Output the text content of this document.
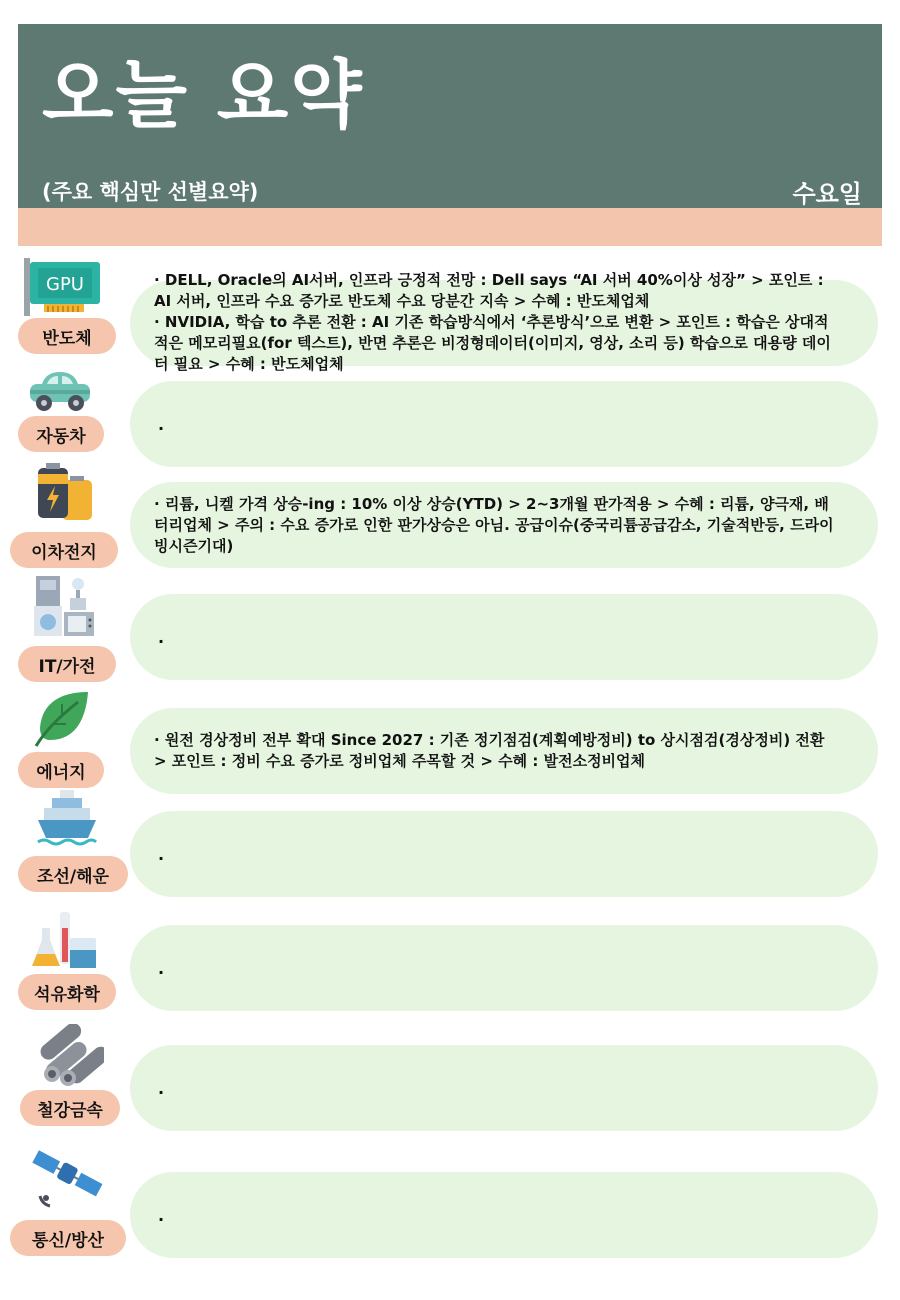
오늘 요약
(주요 핵심만 선별요약)	수요일
GPU
반도체
· DELL, Oracle의 AI서버, 인프라 긍정적 전망 : Dell says “AI 서버 40%이상 성장” > 포인트 : AI 서버, 인프라 수요 증가로 반도체 수요 당분간 지속 > 수혜 : 반도체업체
· NVIDIA, 학습 to 추론 전환 : AI 기존 학습방식에서 ‘추론방식’으로 변환 > 포인트 : 학습은 상대적 적은 메모리필요(for 텍스트), 반면 추론은 비정형데이터(이미지, 영상, 소리 등) 학습으로 대용량 데이터 필요 > 수혜 : 반도체업체
자동차
.
이차전지
· 리튬, 니켈 가격 상승-ing : 10% 이상 상승(YTD) > 2~3개월 판가적용 > 수혜 : 리튬, 양극재, 배터리업체 > 주의 : 수요 증가로 인한 판가상승은 아님. 공급이슈(중국리튬공급감소, 기술적반등, 드라이빙시즌기대)
IT/가전
.
에너지
· 원전 경상정비 전부 확대 Since 2027 : 기존 정기점검(계획예방정비) to 상시점검(경상정비) 전환 > 포인트 : 정비 수요 증가로 정비업체 주목할 것 > 수혜 : 발전소정비업체
조선/해운
.
석유화학
.
철강금속
.
통신/방산
.
